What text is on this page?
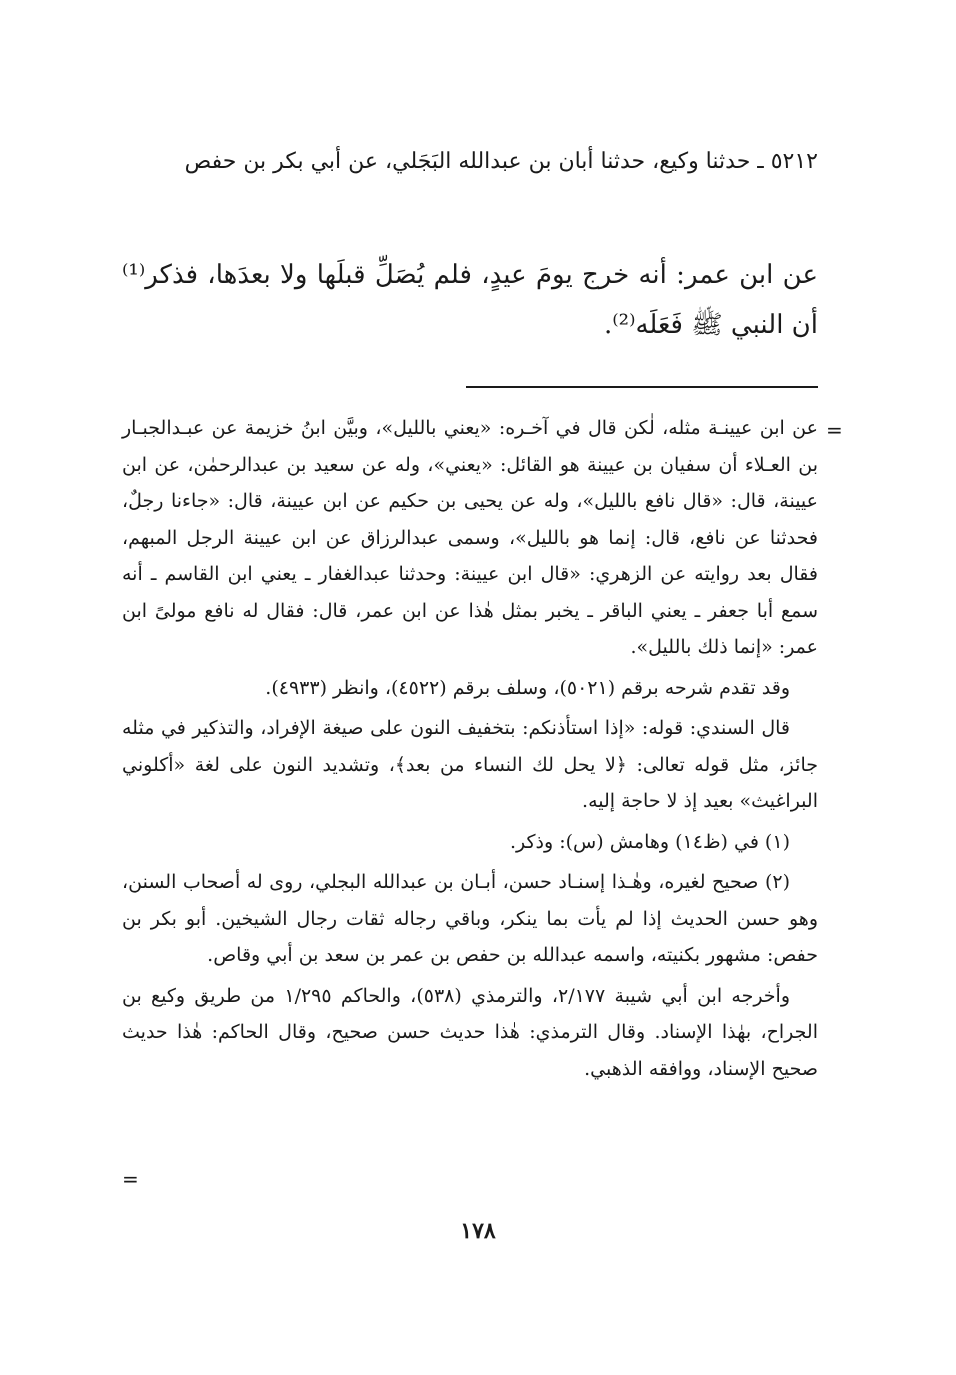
٥٢١٢ ـ حدثنا وكيع، حدثنا أبان بن عبدالله البَجَلي، عن أبي بكر بن حفص

عن ابن عمر: أنه خرج يومَ عيدٍ، فلم يُصَلِّ قبلَها ولا بعدَها، فذكر⁽¹⁾ أن النبي ﷺ فَعَلَه⁽²⁾.

=

عن ابن عيينـة مثله، لٰكن قال في آخـره: «يعني بالليل»، وبيَّن ابنُ خزيمة عن عبـدالجبـار بن العـلاء أن سفيان بن عيينة هو القائل: «يعني»، وله عن سعيد بن عبدالرحمٰن، عن ابن عيينة، قال: «قال نافع بالليل»، وله عن يحيى بن حكيم عن ابن عيينة، قال: «جاءنا رجلٌ، فحدثنا عن نافع، قال: إنما هو بالليل»، وسمى عبدالرزاق عن ابن عيينة الرجل المبهم، فقال بعد روايته عن الزهري: «قال ابن عيينة: وحدثنا عبدالغفار ـ يعني ابن القاسم ـ أنه سمع أبا جعفر ـ يعني الباقر ـ يخبر بمثل هٰذا عن ابن عمر، قال: فقال له نافع مولىً ابن عمر: «إنما ذلك بالليل».

وقد تقدم شرحه برقم (٥٠٢١)، وسلف برقم (٤٥٢٢)، وانظر (٤٩٣٣).

قال السندي: قوله: «إذا استأذنكم: بتخفيف النون على صيغة الإفراد، والتذكير في مثله جائز، مثل قوله تعالى: ﴿لا يحل لك النساء من بعد﴾، وتشديد النون على لغة «أكلوني البراغيث» بعيد إذ لا حاجة إليه.

(١) في (ظ١٤) وهامش (س): وذكر.

(٢) صحيح لغيره، وهٰـذا إسنـاد حسن، أبـان بن عبدالله البجلي، روى له أصحاب السنن، وهو حسن الحديث إذا لم يأت بما ينكر، وباقي رجاله ثقات رجال الشيخين. أبو بكر بن حفص: مشهور بكنيته، واسمه عبدالله بن حفص بن عمر بن سعد بن أبي وقاص.

وأخرجه ابن أبي شيبة ٢/١٧٧، والترمذي (٥٣٨)، والحاكم ١/٢٩٥ من طريق وكيع بن الجراح، بهٰذا الإسناد. وقال الترمذي: هٰذا حديث حسن صحيح، وقال الحاكم: هٰذا حديث صحيح الإسناد، ووافقه الذهبي.

=
١٧٨
